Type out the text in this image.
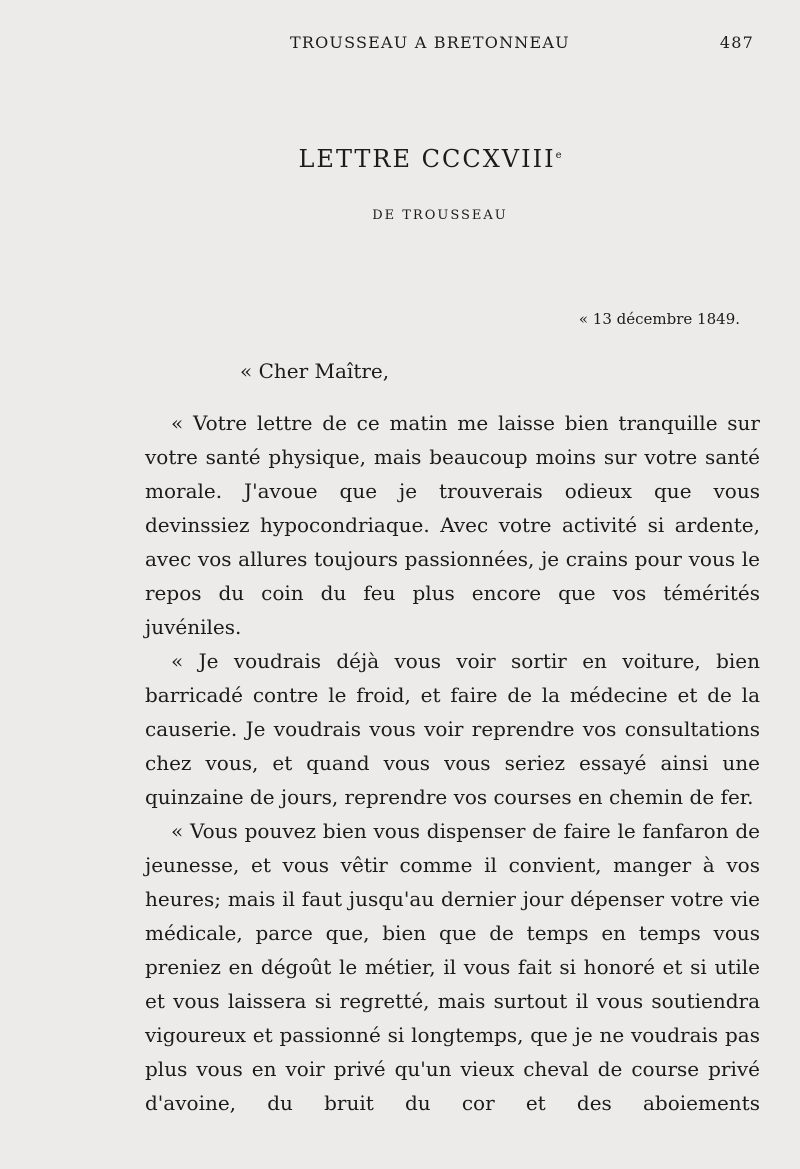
TROUSSEAU A BRETONNEAU	487
LETTRE CCCXVIIIe
DE TROUSSEAU
« 13 décembre 1849.
« Cher Maître,

« Votre lettre de ce matin me laisse bien tranquille sur votre santé physique, mais beaucoup moins sur votre santé morale. J'avoue que je trouverais odieux que vous devinssiez hypocondriaque. Avec votre activité si ardente, avec vos allures toujours passionnées, je crains pour vous le repos du coin du feu plus encore que vos témérités juvéniles.

« Je voudrais déjà vous voir sortir en voiture, bien barricadé contre le froid, et faire de la médecine et de la causerie. Je voudrais vous voir reprendre vos consultations chez vous, et quand vous vous seriez essayé ainsi une quinzaine de jours, reprendre vos courses en chemin de fer.

« Vous pouvez bien vous dispenser de faire le fanfaron de jeunesse, et vous vêtir comme il convient, manger à vos heures; mais il faut jusqu'au dernier jour dépenser votre vie médicale, parce que, bien que de temps en temps vous preniez en dégoût le métier, il vous fait si honoré et si utile et vous laissera si regretté, mais surtout il vous soutiendra vigoureux et passionné si longtemps, que je ne voudrais pas plus vous en voir privé qu'un vieux cheval de course privé d'avoine, du bruit du cor et des aboiements
